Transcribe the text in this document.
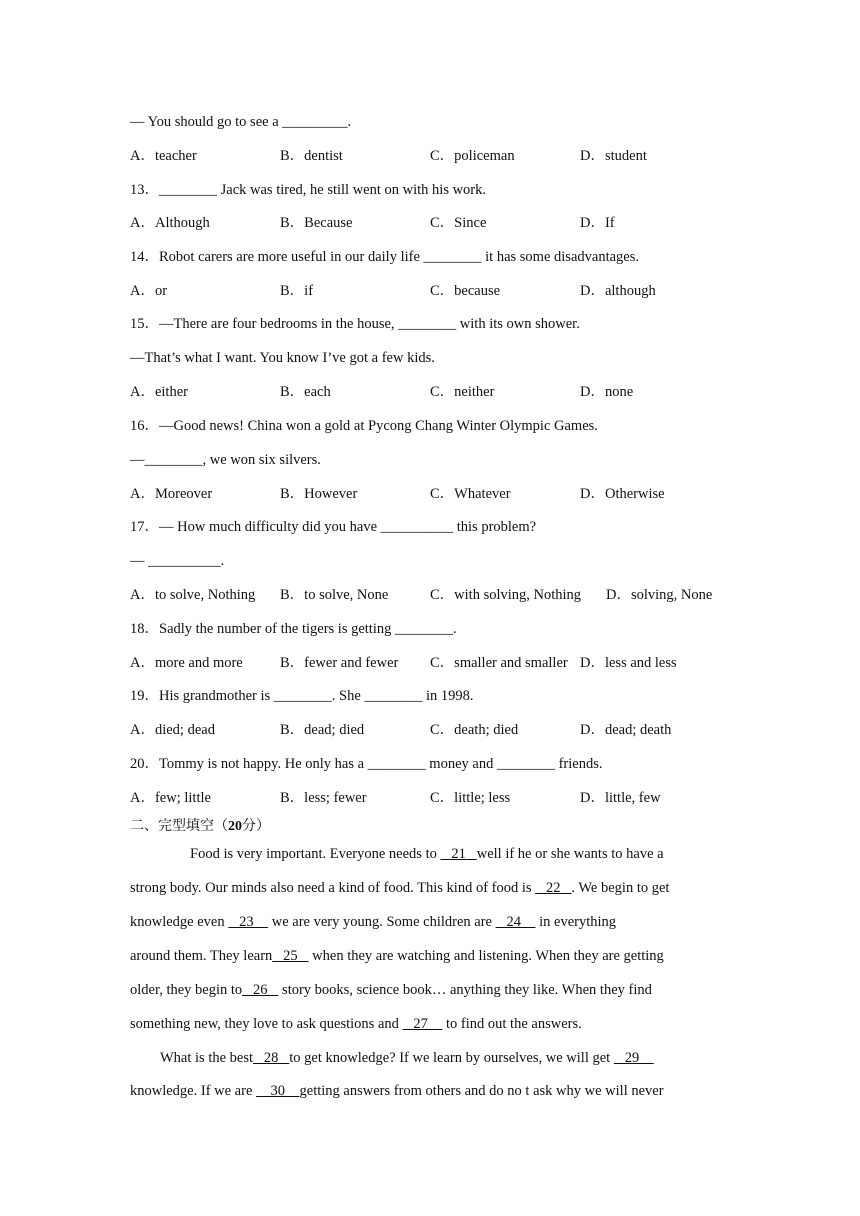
— You should go to see a _________.
A．teacher	B．dentist	C．policeman	D．student
13．________ Jack was tired, he still went on with his work.
A．Although	B．Because	C．Since	D．If
14．Robot carers are more useful in our daily life ________ it has some disadvantages.
A．or	B．if	C．because	D．although
15．—There are four bedrooms in the house, ________ with its own shower.
—That’s what I want. You know I’ve got a few kids.
A．either	B．each	C．neither	D．none
16．—Good news! China won a gold at Pycong Chang Winter Olympic Games.
—________, we won six silvers.
A．Moreover	B．However	C．Whatever	D．Otherwise
17．— How much difficulty did you have __________ this problem?
— __________.
A．to solve, Nothing B．to solve, None	C．with solving, Nothing D．solving, None
18．Sadly the number of the tigers is getting ________.
A．more and more	B．fewer and fewer C．smaller and smaller D．less and less
19．His grandmother is ________. She ________ in 1998.
A．died; dead	B．dead; died	C．death; died	D．dead; death
20．Tommy is not happy. He only has a ________ money and ________ friends.
A．few; little	B．less; fewer	C．little; less	D．little, few
二、完型填空（20分）
Food is very important. Everyone needs to    21   well if he or she wants to have a
strong body. Our minds also need a kind of food. This kind of food is    22   . We begin to get
knowledge even    23     we are very young. Some children are    24     in everything
around them. They learn   25    when they are watching and listening. When they are getting
older, they begin to   26    story books, science book… anything they like. When they find
something new, they love to ask questions and    27     to find out the answers.
What is the best   28   to get knowledge? If we learn by ourselves, we will get    29
knowledge. If we are     30    getting answers from others and do no t ask why we will never
